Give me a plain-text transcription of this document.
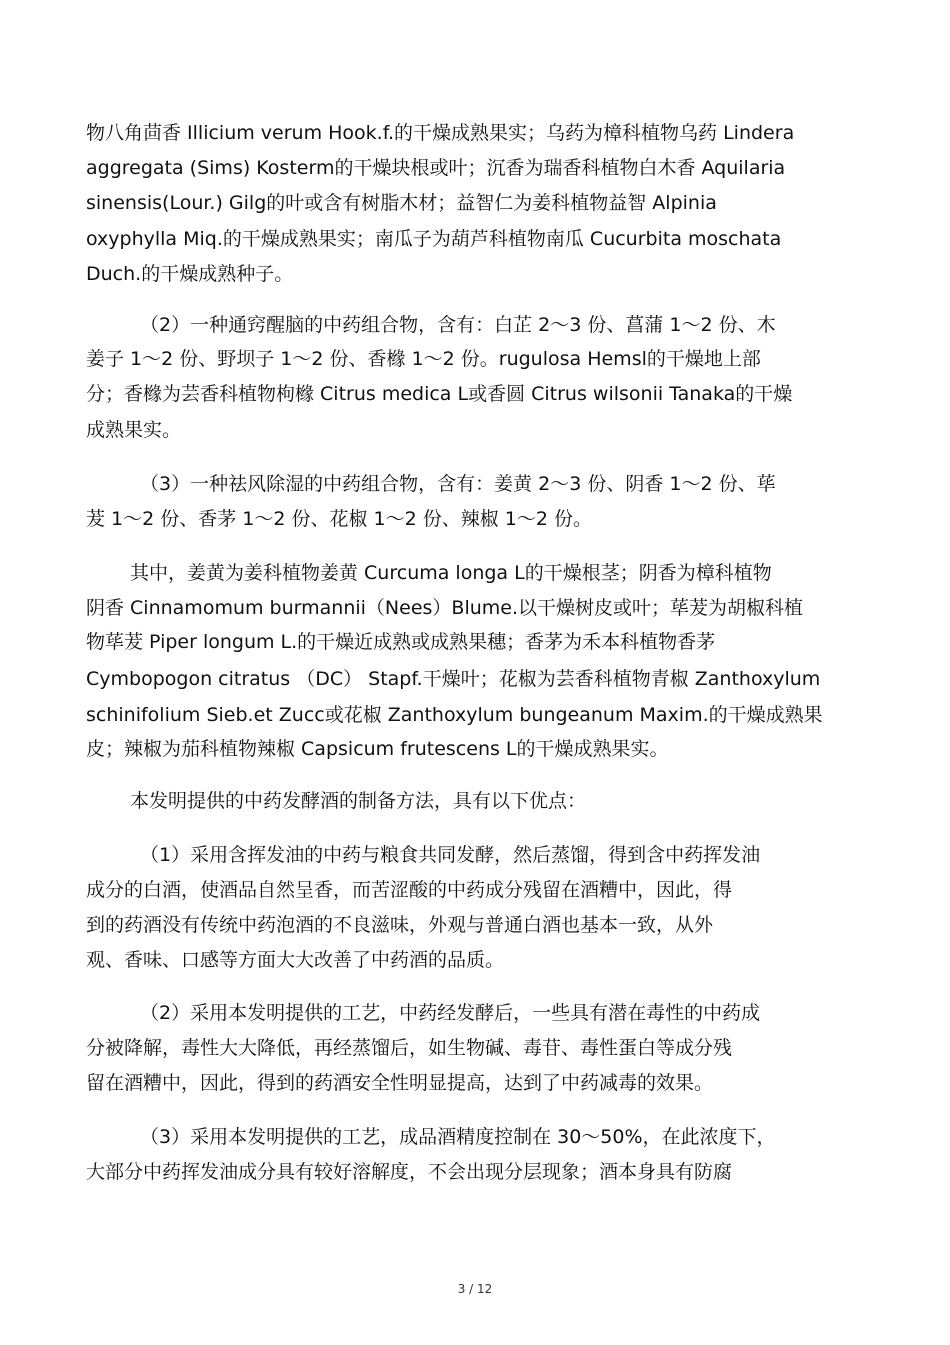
物八角茴香 Illicium verum Hook.f.的干燥成熟果实；乌药为樟科植物乌药 Lindera
aggregata (Sims) Kosterm的干燥块根或叶；沉香为瑞香科植物白木香 Aquilaria
sinensis(Lour.) Gilg的叶或含有树脂木材；益智仁为姜科植物益智 Alpinia
oxyphylla Miq.的干燥成熟果实；南瓜子为葫芦科植物南瓜 Cucurbita moschata
Duch.的干燥成熟种子。
（2）一种通窍醒脑的中药组合物，含有：白芷 2～3 份、菖蒲 1～2 份、木
姜子 1～2 份、野坝子 1～2 份、香橼 1～2 份。rugulosa Hemsl的干燥地上部
分；香橼为芸香科植物枸橼 Citrus medica L或香圆 Citrus wilsonii Tanaka的干燥
成熟果实。
（3）一种祛风除湿的中药组合物，含有：姜黄 2～3 份、阴香 1～2 份、荜
茇 1～2 份、香茅 1～2 份、花椒 1～2 份、辣椒 1～2 份。
其中，姜黄为姜科植物姜黄 Curcuma longa L的干燥根茎；阴香为樟科植物
阴香 Cinnamomum burmannii（Nees）Blume.以干燥树皮或叶；荜茇为胡椒科植
物荜茇 Piper longum L.的干燥近成熟或成熟果穗；香茅为禾本科植物香茅
Cymbopogon citratus （DC） Stapf.干燥叶；花椒为芸香科植物青椒 Zanthoxylum
schinifolium Sieb.et Zucc或花椒 Zanthoxylum bungeanum Maxim.的干燥成熟果
皮；辣椒为茄科植物辣椒 Capsicum frutescens L的干燥成熟果实。
本发明提供的中药发酵酒的制备方法，具有以下优点：
（1）采用含挥发油的中药与粮食共同发酵，然后蒸馏，得到含中药挥发油
成分的白酒，使酒品自然呈香，而苦涩酸的中药成分残留在酒糟中，因此，得
到的药酒没有传统中药泡酒的不良滋味，外观与普通白酒也基本一致，从外
观、香味、口感等方面大大改善了中药酒的品质。
（2）采用本发明提供的工艺，中药经发酵后，一些具有潜在毒性的中药成
分被降解，毒性大大降低，再经蒸馏后，如生物碱、毒苷、毒性蛋白等成分残
留在酒糟中，因此，得到的药酒安全性明显提高，达到了中药减毒的效果。
（3）采用本发明提供的工艺，成品酒精度控制在 30～50%，在此浓度下，
大部分中药挥发油成分具有较好溶解度，不会出现分层现象；酒本身具有防腐
3 / 12
